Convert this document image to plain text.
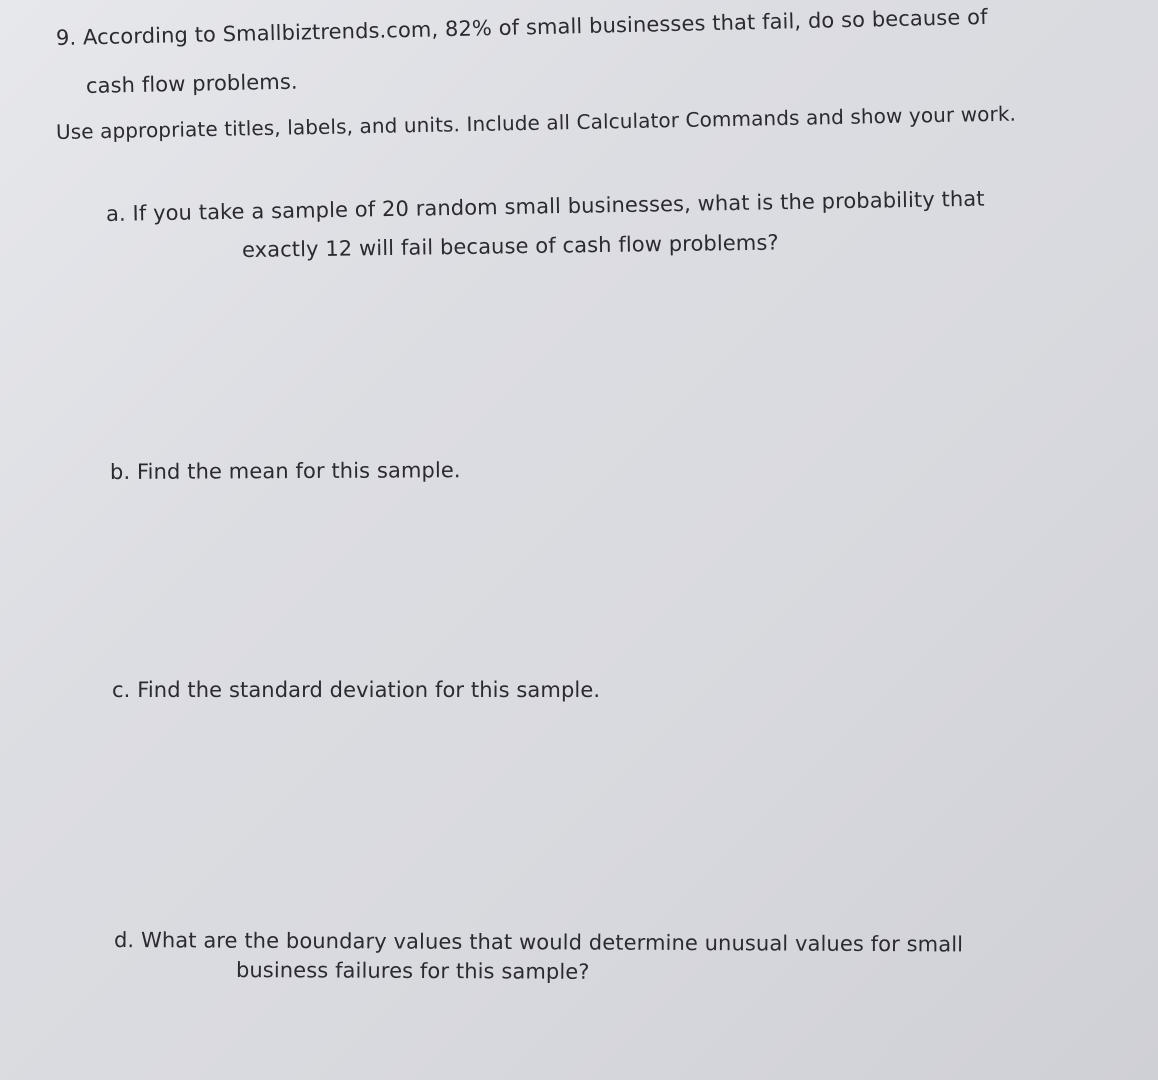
9. According to Smallbiztrends.com, 82% of small businesses that fail, do so because of
cash flow problems.
Use appropriate titles, labels, and units. Include all Calculator Commands and show your work.
a. If you take a sample of 20 random small businesses, what is the probability that
exactly 12 will fail because of cash flow problems?
b. Find the mean for this sample.
c. Find the standard deviation for this sample.
d. What are the boundary values that would determine unusual values for small
business failures for this sample?
